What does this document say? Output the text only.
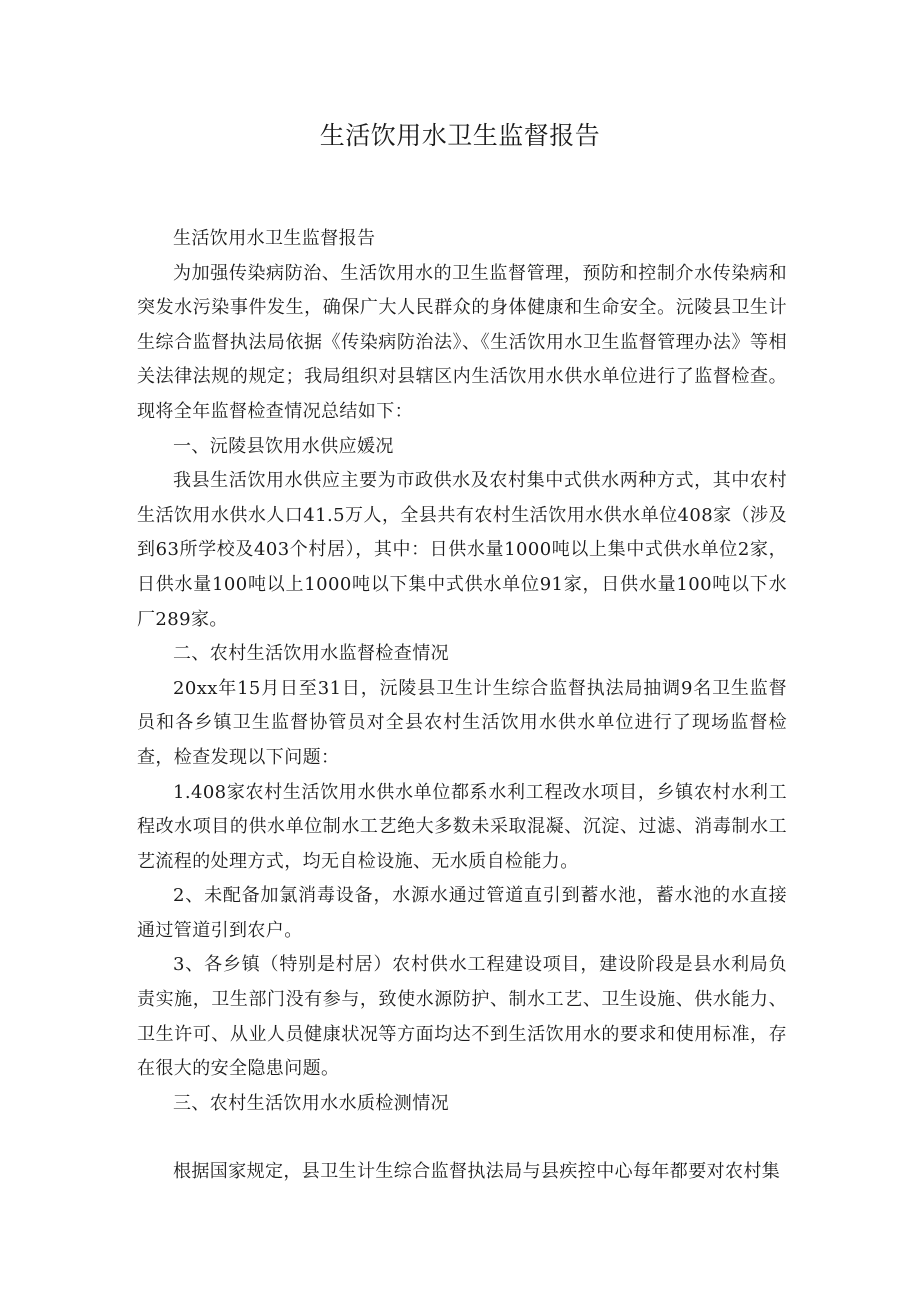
生活饮用水卫生监督报告

生活饮用水卫生监督报告

为加强传染病防治、生活饮用水的卫生监督管理，预防和控制介水传染病和突发水污染事件发生，确保广大人民群众的身体健康和生命安全。沅陵县卫生计生综合监督执法局依据《传染病防治法》、《生活饮用水卫生监督管理办法》等相关法律法规的规定；我局组织对县辖区内生活饮用水供水单位进行了监督检查。现将全年监督检查情况总结如下：

一、沅陵县饮用水供应媛况

我县生活饮用水供应主要为市政供水及农村集中式供水两种方式，其中农村生活饮用水供水人口41.5万人，全县共有农村生活饮用水供水单位408家（涉及到63所学校及403个村居），其中：日供水量1000吨以上集中式供水单位2家，日供水量100吨以上1000吨以下集中式供水单位91家，日供水量100吨以下水厂289家。

二、农村生活饮用水监督检查情况

20xx年15月日至31日，沅陵县卫生计生综合监督执法局抽调9名卫生监督员和各乡镇卫生监督协管员对全县农村生活饮用水供水单位进行了现场监督检查，检查发现以下问题：

1.408家农村生活饮用水供水单位都系水利工程改水项目，乡镇农村水利工程改水项目的供水单位制水工艺绝大多数未采取混凝、沉淀、过滤、消毒制水工艺流程的处理方式，均无自检设施、无水质自检能力。

2、未配备加氯消毒设备，水源水通过管道直引到蓄水池，蓄水池的水直接通过管道引到农户。

3、各乡镇（特别是村居）农村供水工程建设项目，建设阶段是县水利局负责实施，卫生部门没有参与，致使水源防护、制水工艺、卫生设施、供水能力、卫生许可、从业人员健康状况等方面均达不到生活饮用水的要求和使用标准，存在很大的安全隐患问题。

三、农村生活饮用水水质检测情况

根据国家规定，县卫生计生综合监督执法局与县疾控中心每年都要对农村集
